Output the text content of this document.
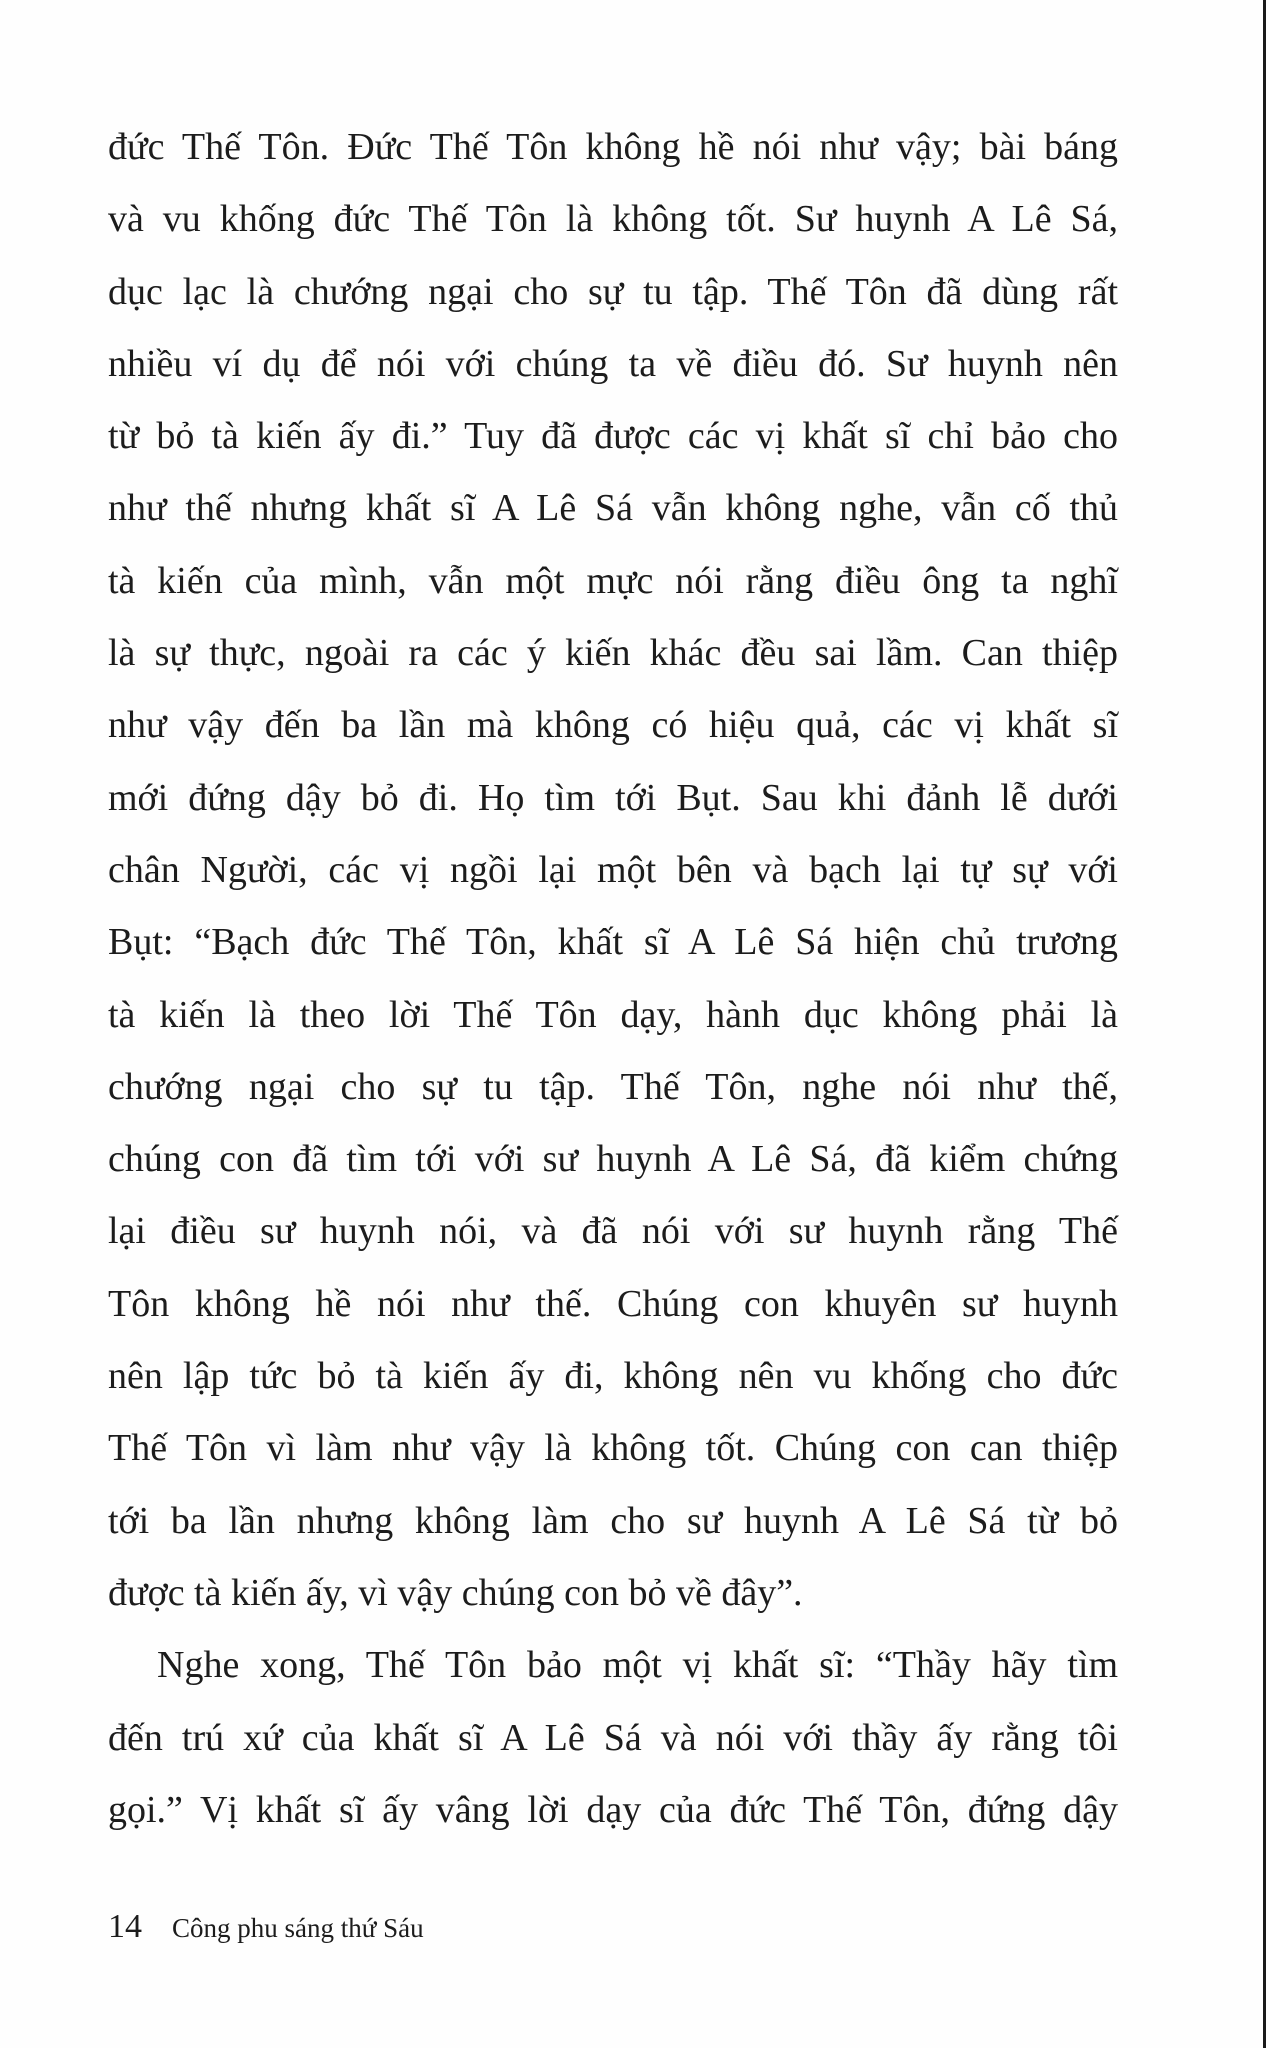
đức Thế Tôn. Đức Thế Tôn không hề nói như vậy; bài báng
và vu khống đức Thế Tôn là không tốt. Sư huynh A Lê Sá,
dục lạc là chướng ngại cho sự tu tập. Thế Tôn đã dùng rất
nhiều ví dụ để nói với chúng ta về điều đó. Sư huynh nên
từ bỏ tà kiến ấy đi.” Tuy đã được các vị khất sĩ chỉ bảo cho
như thế nhưng khất sĩ A Lê Sá vẫn không nghe, vẫn cố thủ
tà kiến của mình, vẫn một mực nói rằng điều ông ta nghĩ
là sự thực, ngoài ra các ý kiến khác đều sai lầm. Can thiệp
như vậy đến ba lần mà không có hiệu quả, các vị khất sĩ
mới đứng dậy bỏ đi. Họ tìm tới Bụt. Sau khi đảnh lễ dưới
chân Người, các vị ngồi lại một bên và bạch lại tự sự với
Bụt: “Bạch đức Thế Tôn, khất sĩ A Lê Sá hiện chủ trương
tà kiến là theo lời Thế Tôn dạy, hành dục không phải là
chướng ngại cho sự tu tập. Thế Tôn, nghe nói như thế,
chúng con đã tìm tới với sư huynh A Lê Sá, đã kiểm chứng
lại điều sư huynh nói, và đã nói với sư huynh rằng Thế
Tôn không hề nói như thế. Chúng con khuyên sư huynh
nên lập tức bỏ tà kiến ấy đi, không nên vu khống cho đức
Thế Tôn vì làm như vậy là không tốt. Chúng con can thiệp
tới ba lần nhưng không làm cho sư huynh A Lê Sá từ bỏ
được tà kiến ấy, vì vậy chúng con bỏ về đây”.
Nghe xong, Thế Tôn bảo một vị khất sĩ: “Thầy hãy tìm
đến trú xứ của khất sĩ A Lê Sá và nói với thầy ấy rằng tôi
gọi.” Vị khất sĩ ấy vâng lời dạy của đức Thế Tôn, đứng dậy
14 Công phu sáng thứ Sáu
